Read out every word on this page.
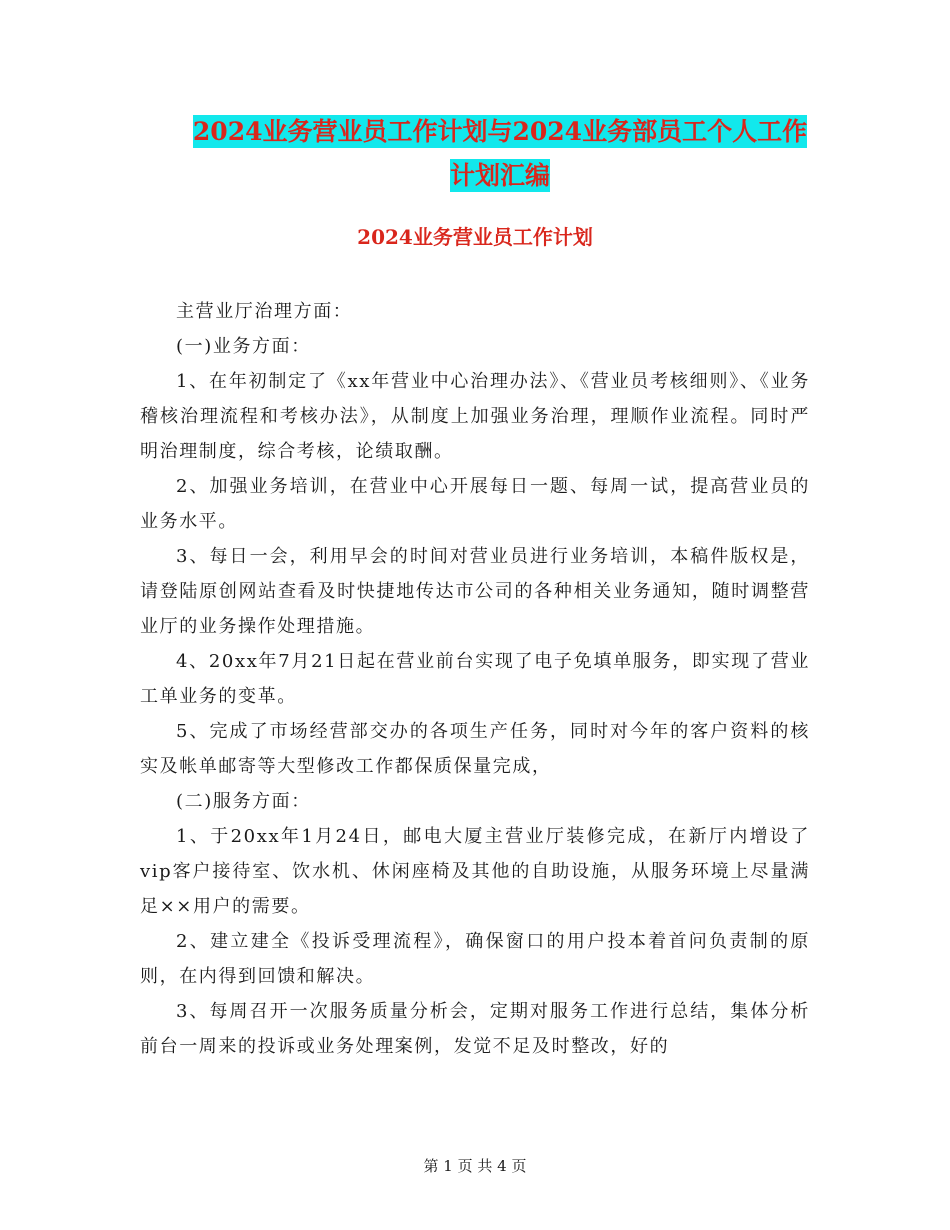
2024业务营业员工作计划与2024业务部员工个人工作
计划汇编
2024业务营业员工作计划

主营业厅治理方面：

(一)业务方面：

1、在年初制定了《xx年营业中心治理办法》、《营业员考核细则》、《业务稽核治理流程和考核办法》，从制度上加强业务治理，理顺作业流程。同时严明治理制度，综合考核，论绩取酬。

2、加强业务培训，在营业中心开展每日一题、每周一试，提高营业员的业务水平。

3、每日一会，利用早会的时间对营业员进行业务培训，本稿件版权是，请登陆原创网站查看及时快捷地传达市公司的各种相关业务通知，随时调整营业厅的业务操作处理措施。

4、20xx年7月21日起在营业前台实现了电子免填单服务，即实现了营业工单业务的变革。

5、完成了市场经营部交办的各项生产任务，同时对今年的客户资料的核实及帐单邮寄等大型修改工作都保质保量完成，

(二)服务方面：

1、于20xx年1月24日，邮电大厦主营业厅装修完成，在新厅内增设了vip客户接待室、饮水机、休闲座椅及其他的自助设施，从服务环境上尽量满足××用户的需要。

2、建立建全《投诉受理流程》，确保窗口的用户投本着首问负责制的原则，在内得到回馈和解决。

3、每周召开一次服务质量分析会，定期对服务工作进行总结，集体分析前台一周来的投诉或业务处理案例，发觉不足及时整改，好的

第 1 页 共 4 页
